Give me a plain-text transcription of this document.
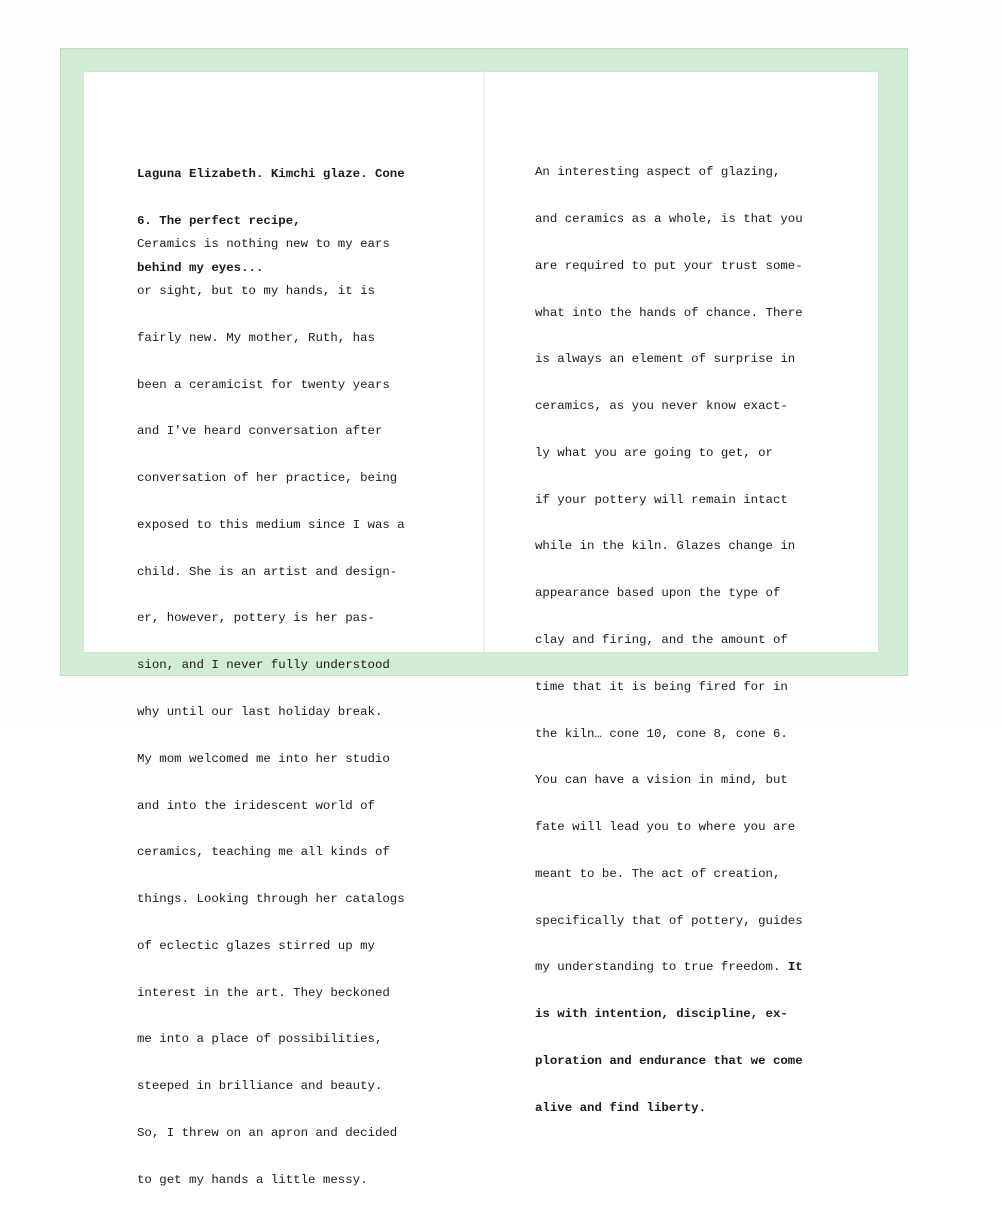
Laguna Elizabeth. Kimchi glaze. Cone

6. The perfect recipe,

behind my eyes...

Ceramics is nothing new to my ears

or sight, but to my hands, it is

fairly new. My mother, Ruth, has

been a ceramicist for twenty years

and I've heard conversation after

conversation of her practice, being

exposed to this medium since I was a

child. She is an artist and design-

er, however, pottery is her pas-

sion, and I never fully understood

why until our last holiday break.

My mom welcomed me into her studio

and into the iridescent world of

ceramics, teaching me all kinds of

things. Looking through her catalogs

of eclectic glazes stirred up my

interest in the art. They beckoned

me into a place of possibilities,

steeped in brilliance and beauty.

So, I threw on an apron and decided

to get my hands a little messy.

An interesting aspect of glazing,

and ceramics as a whole, is that you

are required to put your trust some-

what into the hands of chance. There

is always an element of surprise in

ceramics, as you never know exact-

ly what you are going to get, or

if your pottery will remain intact

while in the kiln. Glazes change in

appearance based upon the type of

clay and firing, and the amount of

time that it is being fired for in

the kiln… cone 10, cone 8, cone 6.

You can have a vision in mind, but

fate will lead you to where you are

meant to be. The act of creation,

specifically that of pottery, guides

my understanding to true freedom. It

is with intention, discipline, ex-

ploration and endurance that we come

alive and find liberty.
